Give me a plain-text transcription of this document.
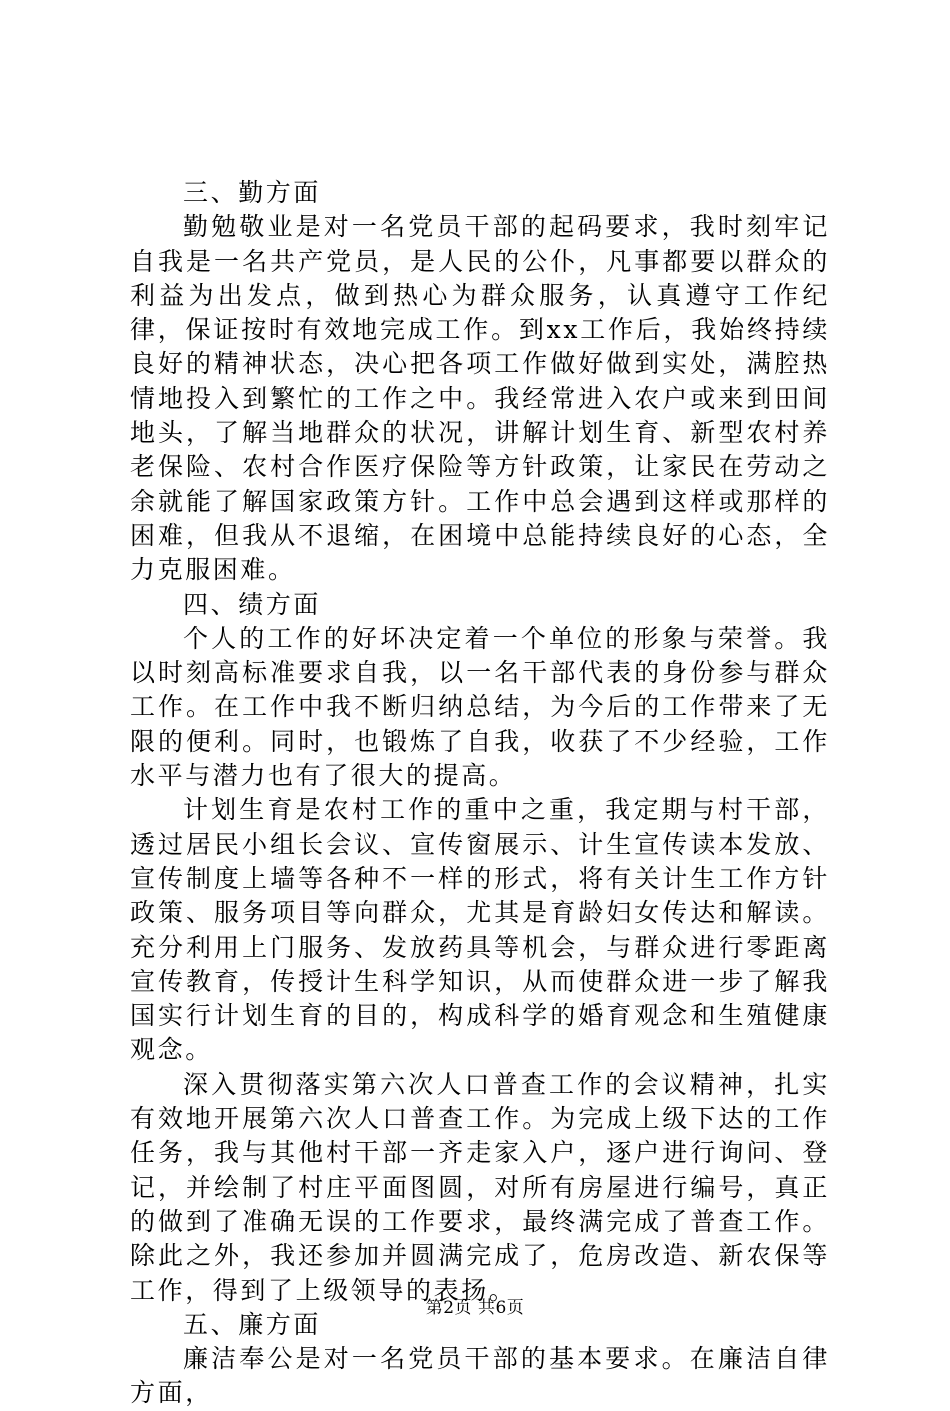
三、勤方面

勤勉敬业是对一名党员干部的起码要求，我时刻牢记自我是一名共产党员，是人民的公仆，凡事都要以群众的利益为出发点，做到热心为群众服务，认真遵守工作纪律，保证按时有效地完成工作。到xx工作后，我始终持续良好的精神状态，决心把各项工作做好做到实处，满腔热情地投入到繁忙的工作之中。我经常进入农户或来到田间地头，了解当地群众的状况，讲解计划生育、新型农村养老保险、农村合作医疗保险等方针政策，让家民在劳动之余就能了解国家政策方针。工作中总会遇到这样或那样的困难，但我从不退缩，在困境中总能持续良好的心态，全力克服困难。

四、绩方面

个人的工作的好坏决定着一个单位的形象与荣誉。我以时刻高标准要求自我，以一名干部代表的身份参与群众工作。在工作中我不断归纳总结，为今后的工作带来了无限的便利。同时，也锻炼了自我，收获了不少经验，工作水平与潜力也有了很大的提高。

计划生育是农村工作的重中之重，我定期与村干部，透过居民小组长会议、宣传窗展示、计生宣传读本发放、宣传制度上墙等各种不一样的形式，将有关计生工作方针政策、服务项目等向群众，尤其是育龄妇女传达和解读。充分利用上门服务、发放药具等机会，与群众进行零距离宣传教育，传授计生科学知识，从而使群众进一步了解我国实行计划生育的目的，构成科学的婚育观念和生殖健康观念。

深入贯彻落实第六次人口普查工作的会议精神，扎实有效地开展第六次人口普查工作。为完成上级下达的工作任务，我与其他村干部一齐走家入户，逐户进行询问、登记，并绘制了村庄平面图圆，对所有房屋进行编号，真正的做到了准确无误的工作要求，最终满完成了普查工作。除此之外，我还参加并圆满完成了，危房改造、新农保等工作，得到了上级领导的表扬。

五、廉方面

廉洁奉公是对一名党员干部的基本要求。在廉洁自律方面，

第2页 共6页
